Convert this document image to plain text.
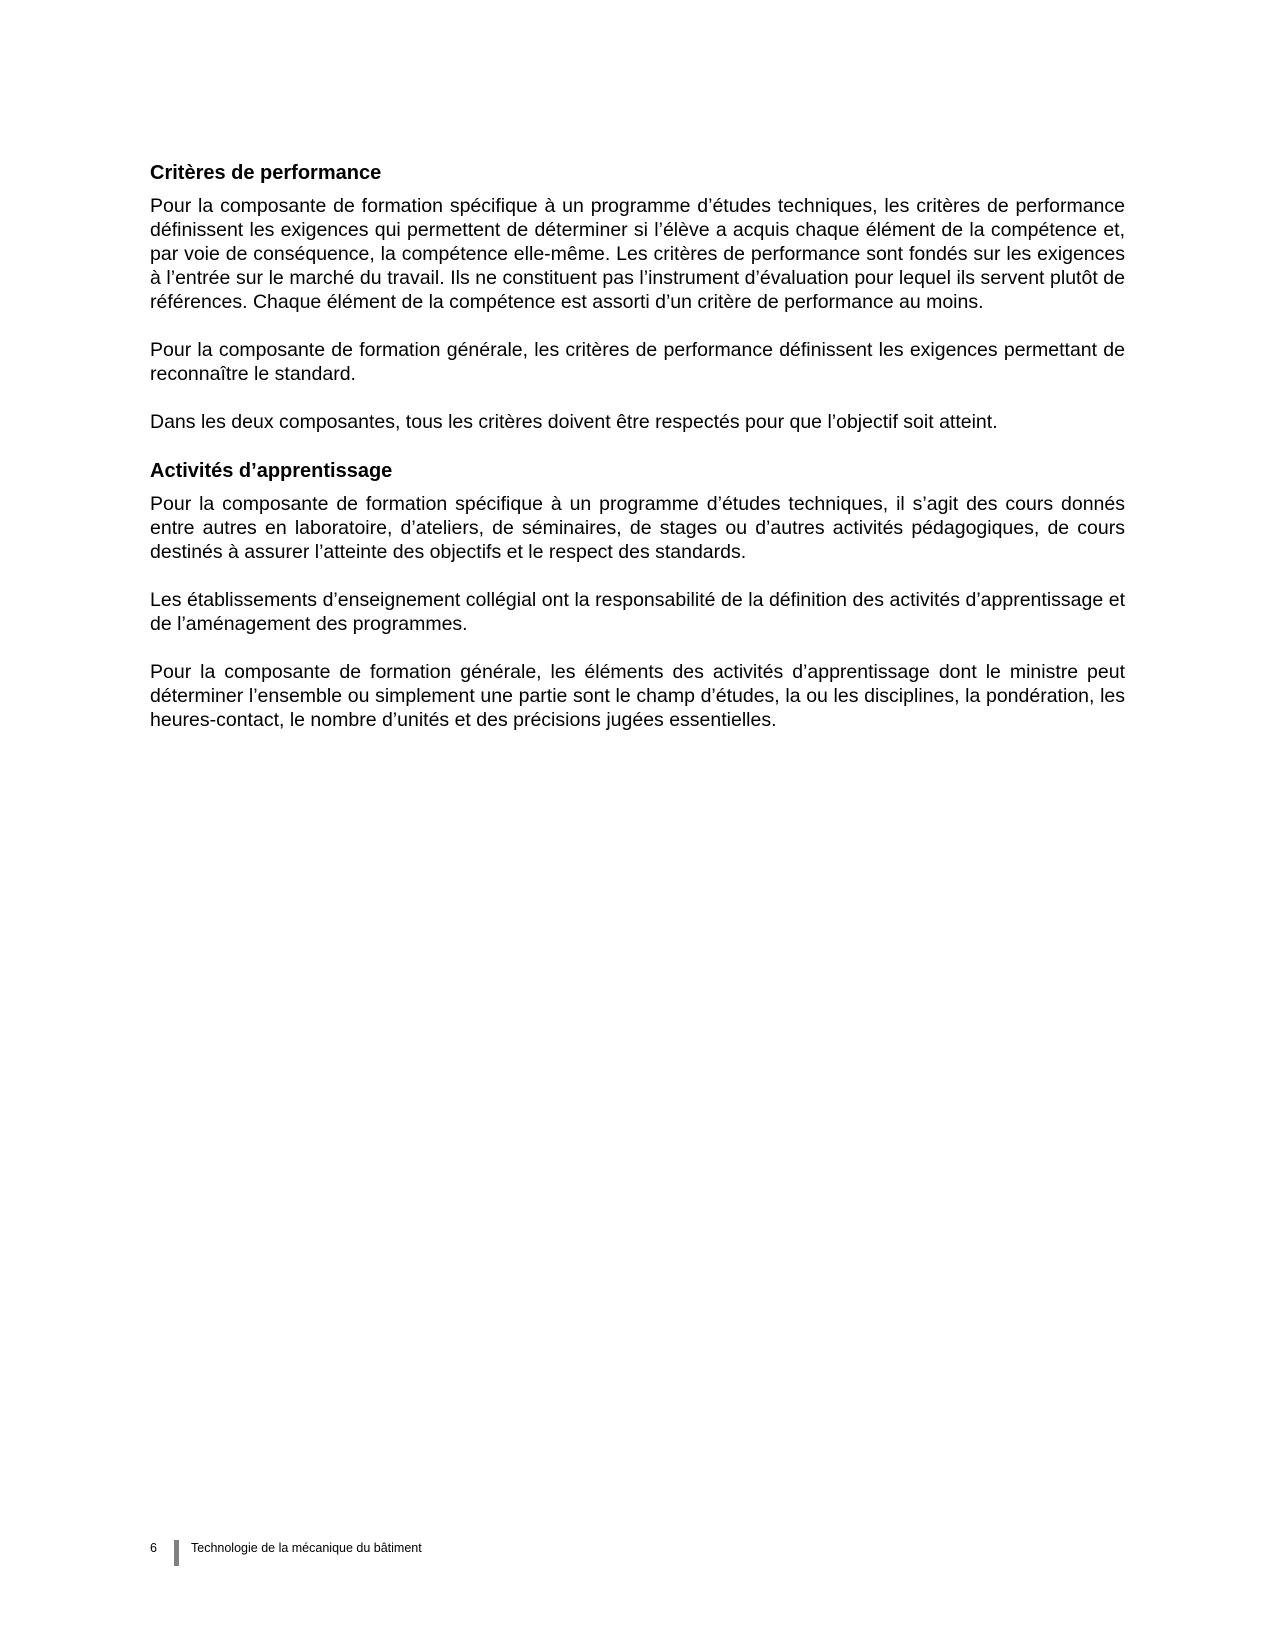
Critères de performance

Pour la composante de formation spécifique à un programme d’études techniques, les critères de performance définissent les exigences qui permettent de déterminer si l’élève a acquis chaque élément de la compétence et, par voie de conséquence, la compétence elle-même. Les critères de performance sont fondés sur les exigences à l’entrée sur le marché du travail. Ils ne constituent pas l’instrument d’évaluation pour lequel ils servent plutôt de références. Chaque élément de la compétence est assorti d’un critère de performance au moins.

Pour la composante de formation générale, les critères de performance définissent les exigences permettant de reconnaître le standard.

Dans les deux composantes, tous les critères doivent être respectés pour que l’objectif soit atteint.

Activités d’apprentissage

Pour la composante de formation spécifique à un programme d’études techniques, il s’agit des cours donnés entre autres en laboratoire, d’ateliers, de séminaires, de stages ou d’autres activités pédagogiques, de cours destinés à assurer l’atteinte des objectifs et le respect des standards.

Les établissements d’enseignement collégial ont la responsabilité de la définition des activités d’apprentissage et de l’aménagement des programmes.

Pour la composante de formation générale, les éléments des activités d’apprentissage dont le ministre peut déterminer l’ensemble ou simplement une partie sont le champ d’études, la ou les disciplines, la pondération, les heures-contact, le nombre d’unités et des précisions jugées essentielles.

6	Technologie de la mécanique du bâtiment
